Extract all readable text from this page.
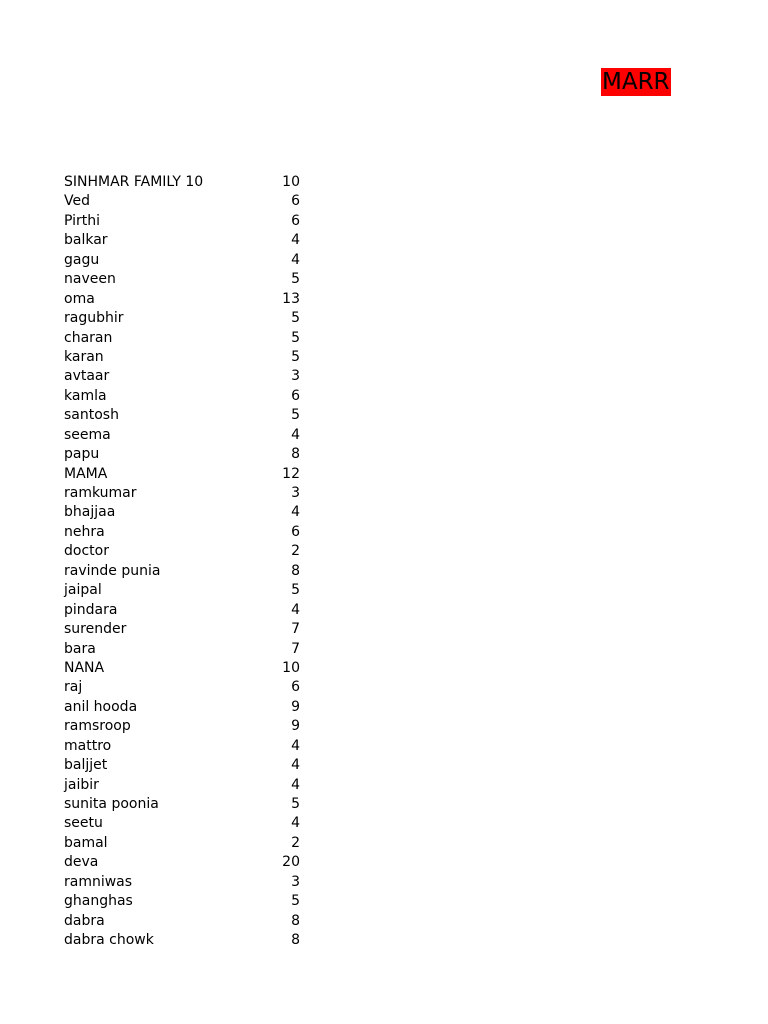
MARR
SINHMAR FAMILY 10	10
Ved	6
Pirthi	6
balkar	4
gagu	4
naveen	5
oma	13
ragubhir	5
charan	5
karan	5
avtaar	3
kamla	6
santosh	5
seema	4
papu	8
MAMA	12
ramkumar	3
bhajjaa	4
nehra	6
doctor	2
ravinde punia	8
jaipal	5
pindara	4
surender	7
bara	7
NANA	10
raj	6
anil hooda	9
ramsroop	9
mattro	4
baljjet	4
jaibir	4
sunita poonia	5
seetu	4
bamal	2
deva	20
ramniwas	3
ghanghas	5
dabra	8
dabra chowk	8
